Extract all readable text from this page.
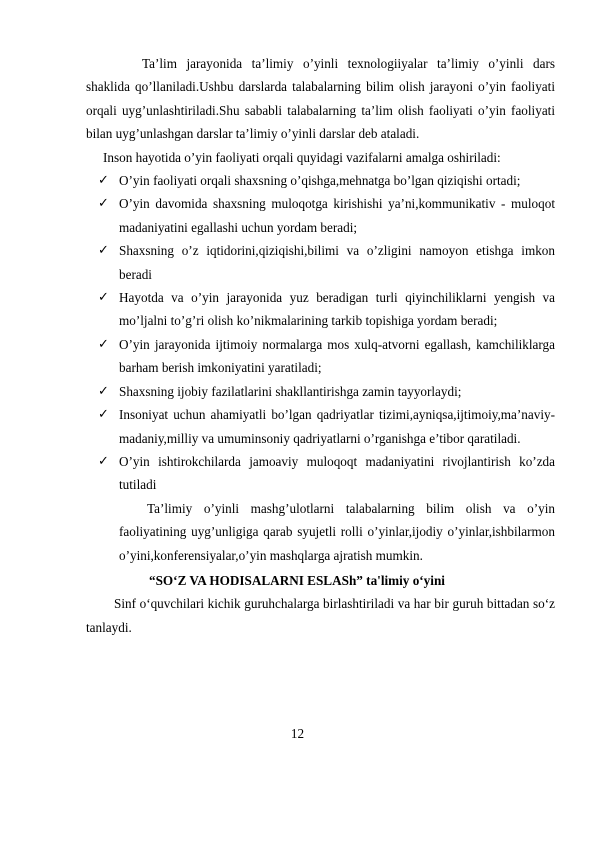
Ta’lim jarayonida ta’limiy o’yinli texnologiiyalar ta’limiy o’yinli dars shaklida qo’llaniladi.Ushbu darslarda talabalarning bilim olish jarayoni o’yin faoliyati orqali uyg’unlashtiriladi.Shu sababli talabalarning ta’lim olish faoliyati o’yin faoliyati bilan uyg’unlashgan darslar ta’limiy o’yinli darslar deb ataladi.

Inson hayotida o’yin faoliyati orqali quyidagi vazifalarni amalga oshiriladi:

✓ O’yin faoliyati orqali shaxsning o’qishga,mehnatga bo’lgan qiziqishi ortadi;
✓ O’yin davomida shaxsning muloqotga kirishishi ya’ni,kommunikativ - muloqot madaniyatini egallashi uchun yordam beradi;
✓ Shaxsning o’z iqtidorini,qiziqishi,bilimi va o’zligini namoyon etishga imkon beradi
✓ Hayotda va o’yin jarayonida yuz beradigan turli qiyinchiliklarni yengish va mo’ljalni to’g’ri olish ko’nikmalarining tarkib topishiga yordam beradi;
✓ O’yin jarayonida ijtimoiy normalarga mos xulq-atvorni egallash, kamchiliklarga barham berish imkoniyatini yaratiladi;
✓ Shaxsning ijobiy fazilatlarini shakllantirishga zamin tayyorlaydi;
✓ Insoniyat uchun ahamiyatli bo’lgan qadriyatlar tizimi,ayniqsa,ijtimoiy,ma’naviy-madaniy,milliy va umuminsoniy qadriyatlarni o’rganishga e’tibor qaratiladi.
✓ O’yin ishtirokchilarda jamoaviy muloqoqt madaniyatini rivojlantirish ko’zda tutiladi

Ta’limiy o’yinli mashg’ulotlarni talabalarning bilim olish va o’yin faoliyatining uyg’unligiga qarab syujetli rolli o’yinlar,ijodiy o’yinlar,ishbilarmon o’yini,konferensiyalar,o’yin mashqlarga ajratish mumkin.

“SO‘Z VA HODISALARNI ESLASh” ta'limiy o‘yini

Sinf o‘quvchilari kichik guruhchalarga birlashtiriladi va har bir guruh bittadan so‘z tanlaydi.

12
